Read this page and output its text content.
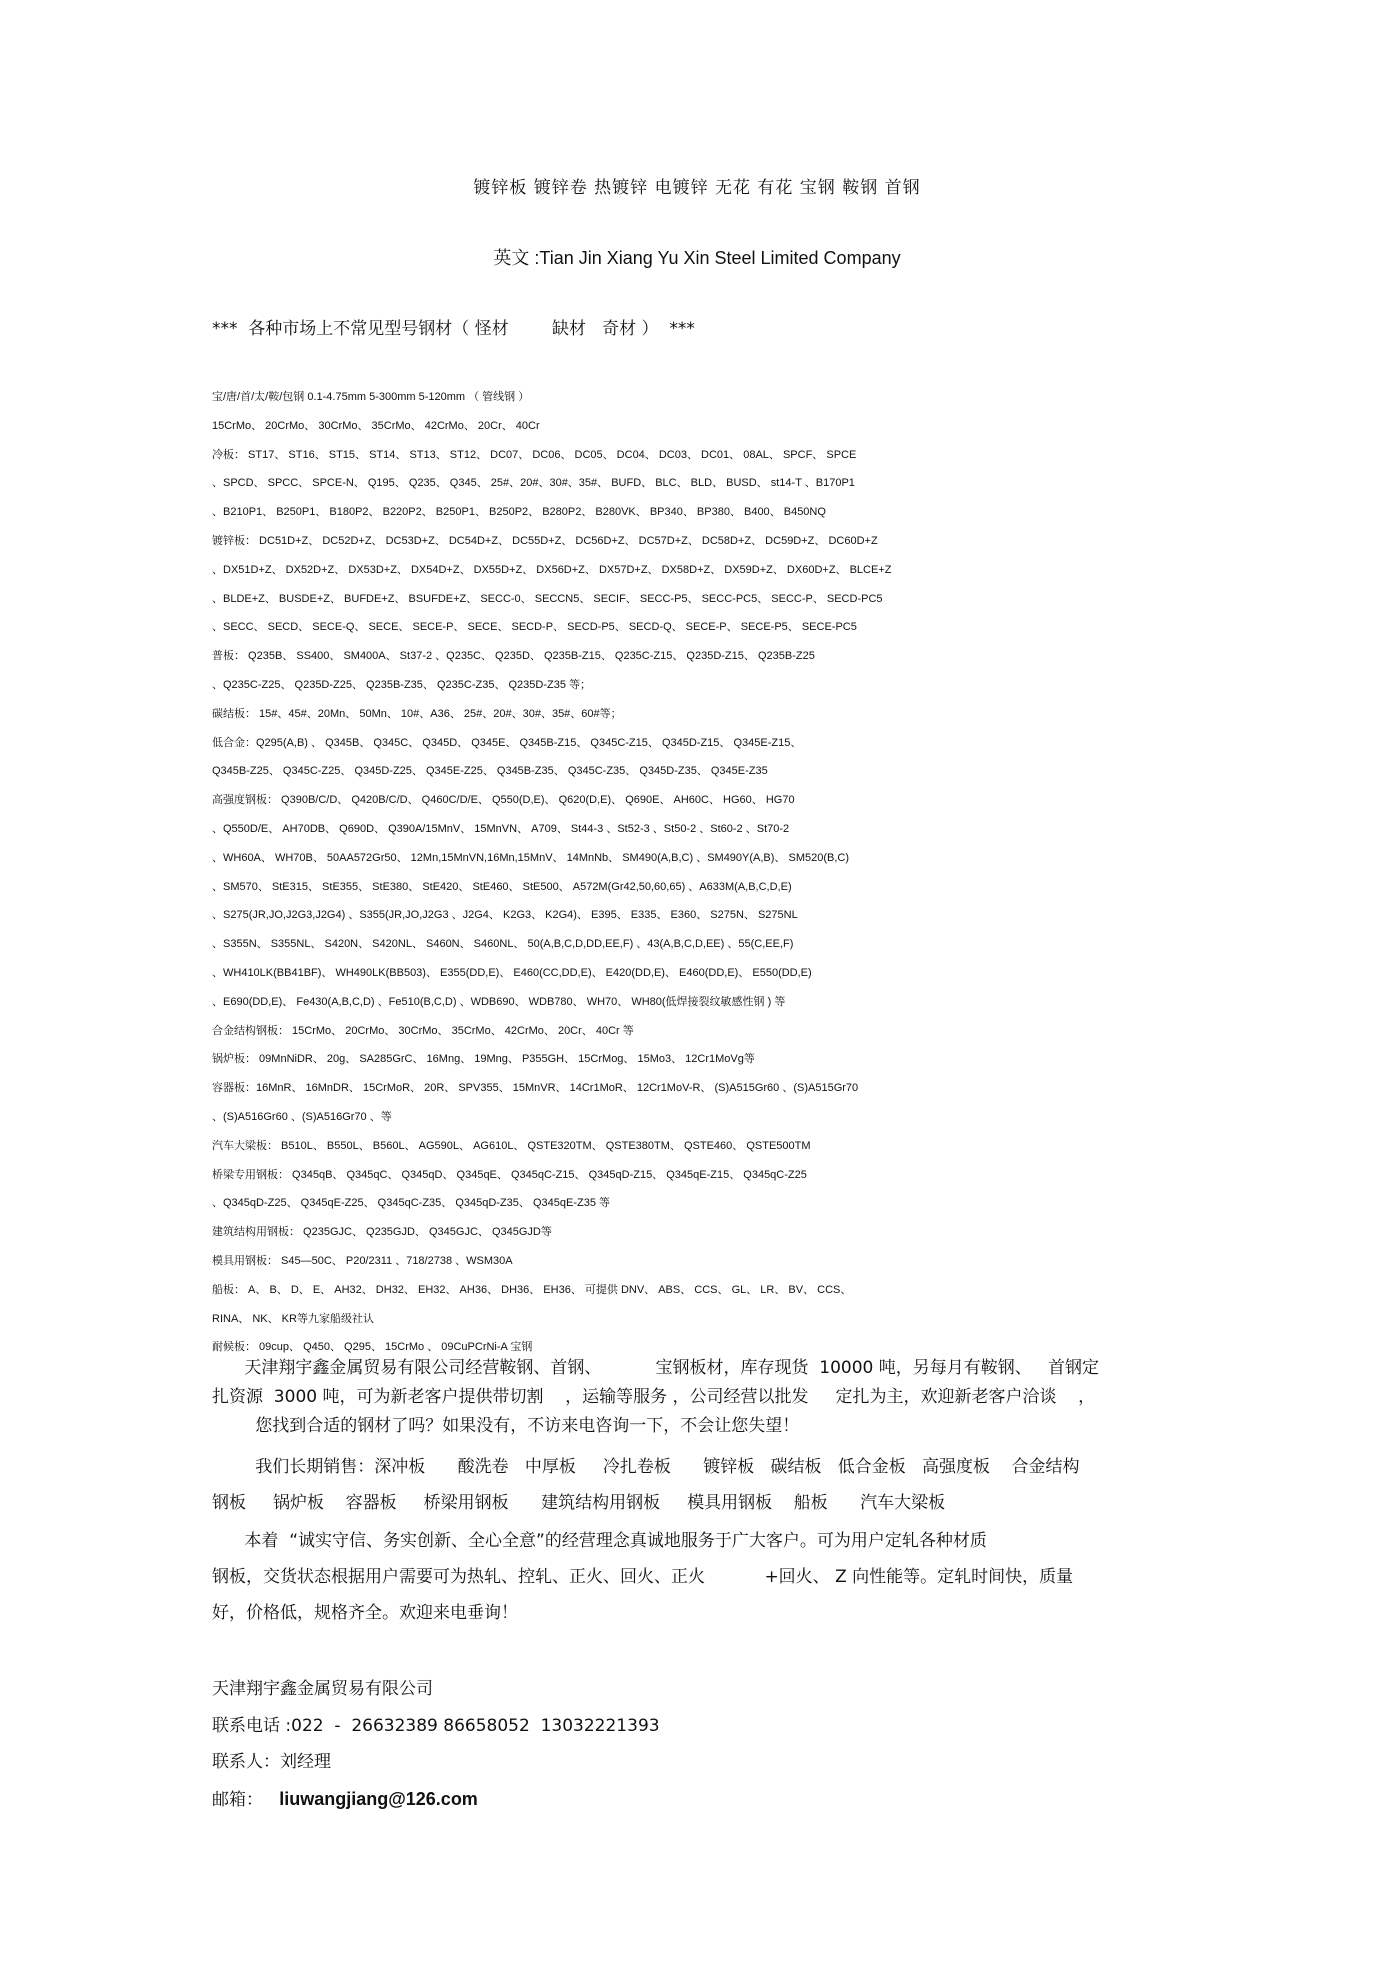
镀锌板 镀锌卷 热镀锌 电镀锌 无花 有花 宝钢 鞍钢 首钢
英文 :Tian Jin Xiang Yu Xin Steel Limited Company
***  各种市场上不常见型号钢材（ 怪材        缺材   奇材 ）  ***
宝/唐/首/太/鞍/包钢 0.1-4.75mm 5-300mm 5-120mm （ 管线钢 ）
15CrMo、 20CrMo、 30CrMo、 35CrMo、 42CrMo、 20Cr、 40Cr
冷板： ST17、 ST16、 ST15、 ST14、 ST13、 ST12、 DC07、 DC06、 DC05、 DC04、 DC03、 DC01、 08AL、 SPCF、 SPCE
、SPCD、 SPCC、 SPCE-N、 Q195、 Q235、 Q345、 25#、20#、30#、35#、 BUFD、 BLC、 BLD、 BUSD、 st14-T 、B170P1
、B210P1、 B250P1、 B180P2、 B220P2、 B250P1、 B250P2、 B280P2、 B280VK、 BP340、 BP380、 B400、 B450NQ
镀锌板： DC51D+Z、 DC52D+Z、 DC53D+Z、 DC54D+Z、 DC55D+Z、 DC56D+Z、 DC57D+Z、 DC58D+Z、 DC59D+Z、 DC60D+Z
、DX51D+Z、 DX52D+Z、 DX53D+Z、 DX54D+Z、 DX55D+Z、 DX56D+Z、 DX57D+Z、 DX58D+Z、 DX59D+Z、 DX60D+Z、 BLCE+Z
、BLDE+Z、 BUSDE+Z、 BUFDE+Z、 BSUFDE+Z、 SECC-0、 SECCN5、 SECIF、 SECC-P5、 SECC-PC5、 SECC-P、 SECD-PC5
、SECC、 SECD、 SECE-Q、 SECE、 SECE-P、 SECE、 SECD-P、 SECD-P5、 SECD-Q、 SECE-P、 SECE-P5、 SECE-PC5
普板： Q235B、 SS400、 SM400A、 St37-2 、Q235C、 Q235D、 Q235B-Z15、 Q235C-Z15、 Q235D-Z15、 Q235B-Z25
、Q235C-Z25、 Q235D-Z25、 Q235B-Z35、 Q235C-Z35、 Q235D-Z35 等；
碳结板： 15#、45#、20Mn、 50Mn、 10#、A36、 25#、20#、30#、35#、60#等；
低合金：Q295(A,B) 、 Q345B、 Q345C、 Q345D、 Q345E、 Q345B-Z15、 Q345C-Z15、 Q345D-Z15、 Q345E-Z15、
Q345B-Z25、 Q345C-Z25、 Q345D-Z25、 Q345E-Z25、 Q345B-Z35、 Q345C-Z35、 Q345D-Z35、 Q345E-Z35
高强度钢板： Q390B/C/D、 Q420B/C/D、 Q460C/D/E、 Q550(D,E)、 Q620(D,E)、 Q690E、 AH60C、 HG60、 HG70
、Q550D/E、 AH70DB、 Q690D、 Q390A/15MnV、 15MnVN、 A709、 St44-3 、St52-3 、St50-2 、St60-2 、St70-2
、WH60A、 WH70B、 50AA572Gr50、 12Mn,15MnVN,16Mn,15MnV、 14MnNb、 SM490(A,B,C) 、SM490Y(A,B)、 SM520(B,C)
、SM570、 StE315、 StE355、 StE380、 StE420、 StE460、 StE500、 A572M(Gr42,50,60,65) 、A633M(A,B,C,D,E)
、S275(JR,JO,J2G3,J2G4) 、S355(JR,JO,J2G3 、J2G4、 K2G3、 K2G4)、 E395、 E335、 E360、 S275N、 S275NL
、S355N、 S355NL、 S420N、 S420NL、 S460N、 S460NL、 50(A,B,C,D,DD,EE,F) 、43(A,B,C,D,EE) 、55(C,EE,F)
、WH410LK(BB41BF)、 WH490LK(BB503)、 E355(DD,E)、 E460(CC,DD,E)、 E420(DD,E)、 E460(DD,E)、 E550(DD,E)
、E690(DD,E)、 Fe430(A,B,C,D) 、Fe510(B,C,D) 、WDB690、 WDB780、 WH70、 WH80(低焊接裂纹敏感性钢 ) 等
合金结构钢板： 15CrMo、 20CrMo、 30CrMo、 35CrMo、 42CrMo、 20Cr、 40Cr 等
锅炉板： 09MnNiDR、 20g、 SA285GrC、 16Mng、 19Mng、 P355GH、 15CrMog、 15Mo3、 12Cr1MoVg等
容器板：16MnR、 16MnDR、 15CrMoR、 20R、 SPV355、 15MnVR、 14Cr1MoR、 12Cr1MoV-R、 (S)A515Gr60 、(S)A515Gr70
、(S)A516Gr60 、(S)A516Gr70 、等
汽车大梁板： B510L、 B550L、 B560L、 AG590L、 AG610L、 QSTE320TM、 QSTE380TM、 QSTE460、 QSTE500TM
桥梁专用钢板： Q345qB、 Q345qC、 Q345qD、 Q345qE、 Q345qC-Z15、 Q345qD-Z15、 Q345qE-Z15、 Q345qC-Z25
、Q345qD-Z25、 Q345qE-Z25、 Q345qC-Z35、 Q345qD-Z35、 Q345qE-Z35 等
建筑结构用钢板： Q235GJC、 Q235GJD、 Q345GJC、 Q345GJD等
模具用钢板： S45—50C、 P20/2311 、718/2738 、WSM30A
船板： A、 B、 D、 E、 AH32、 DH32、 EH32、 AH36、 DH36、 EH36、 可提供 DNV、 ABS、 CCS、 GL、 LR、 BV、 CCS、
RINA、 NK、 KR等九家船级社认
耐候板： 09cup、 Q450、 Q295、 15CrMo 、 09CuPCrNi-A 宝钢
天津翔宇鑫金属贸易有限公司经营鞍钢、首钢、          宝钢板材，库存现货  10000 吨，另每月有鞍钢、   首钢定
扎资源  3000 吨，可为新老客户提供带切割    ，运输等服务 ，公司经营以批发     定扎为主，欢迎新老客户洽谈    ，
您找到合适的钢材了吗？如果没有，不访来电咨询一下，不会让您失望！
我们长期销售：深冲板      酸洗卷   中厚板     冷扎卷板      镀锌板   碳结板   低合金板   高强度板    合金结构
钢板     锅炉板    容器板     桥梁用钢板      建筑结构用钢板     模具用钢板    船板      汽车大梁板
本着  “诚实守信、务实创新、全心全意”的经营理念真诚地服务于广大客户。可为用户定轧各种材质
钢板，交货状态根据用户需要可为热轧、控轧、正火、回火、正火           +回火、 Z 向性能等。定轧时间快，质量
好，价格低，规格齐全。欢迎来电垂询！
天津翔宇鑫金属贸易有限公司
联系电话 :022  -  26632389 86658052  13032221393
联系人：刘经理
邮箱：   liuwangjiang@126.com
